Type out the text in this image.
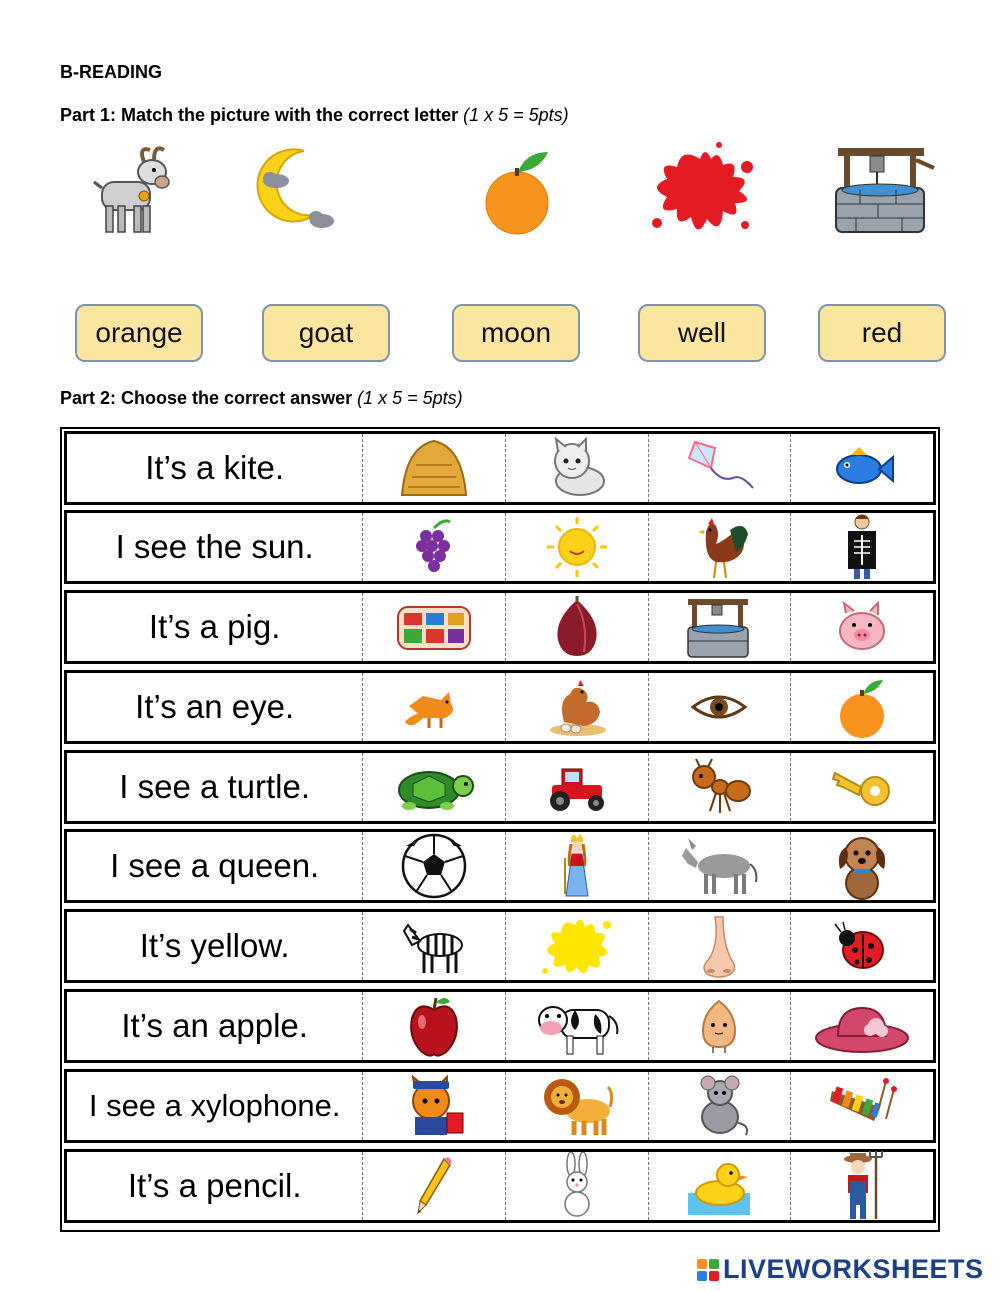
B-READING
Part 1: Match the picture with the correct letter (1 x 5 = 5pts)
orange	goat	moon	well	red
Part 2: Choose the correct answer (1 x 5 = 5pts)
It’s a kite.
I see the sun.
It’s a pig.
It’s an eye.
I see a turtle.
I see a queen.
It’s yellow.
It’s an apple.
I see a xylophone.
It’s a pencil.
LIVEWORKSHEETS
